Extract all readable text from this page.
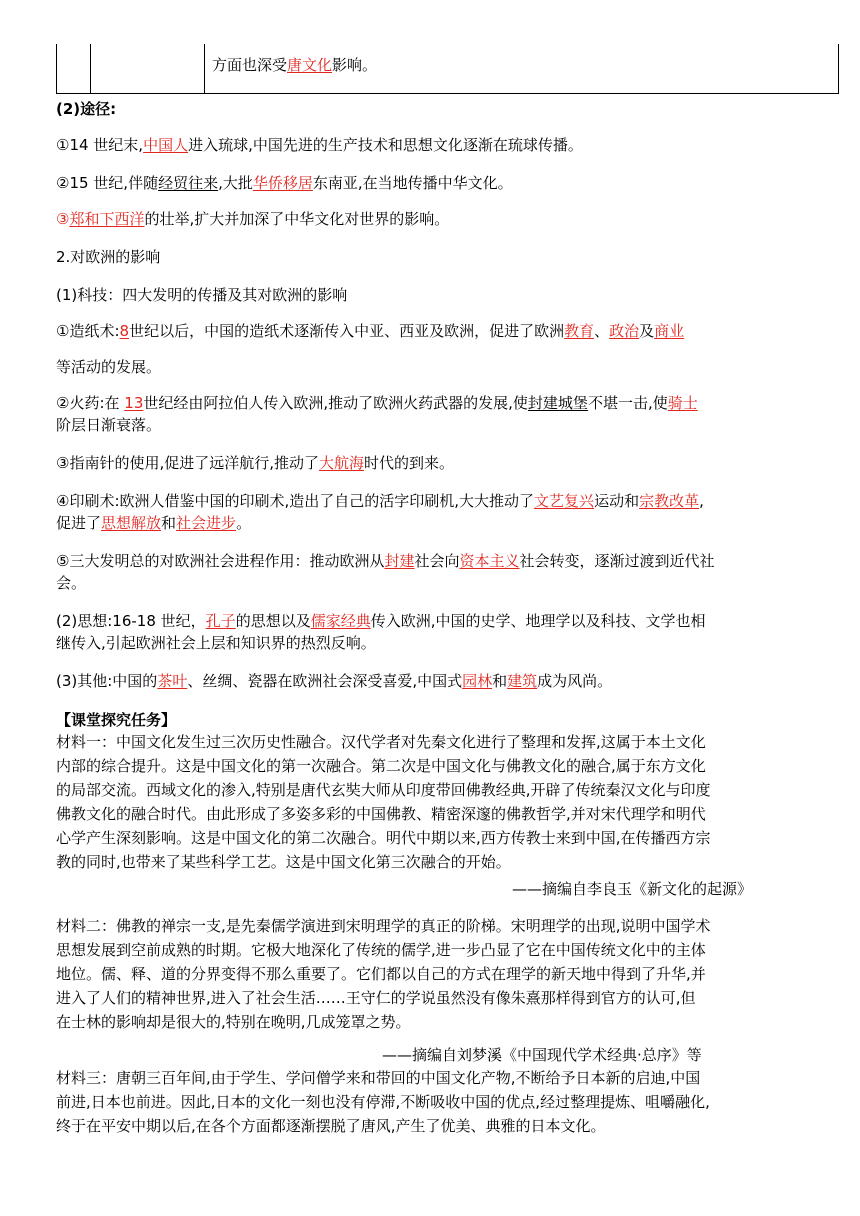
方面也深受唐文化影响。
(2)途径:
①14 世纪末,中国人进入琉球,中国先进的生产技术和思想文化逐渐在琉球传播。
②15 世纪,伴随经贸往来,大批华侨移居东南亚,在当地传播中华文化。
③郑和下西洋的壮举,扩大并加深了中华文化对世界的影响。
2.对欧洲的影响
(1)科技：四大发明的传播及其对欧洲的影响
①造纸术:8世纪以后，中国的造纸术逐渐传入中亚、西亚及欧洲，促进了欧洲教育、政治及商业
等活动的发展。
②火药:在 13世纪经由阿拉伯人传入欧洲,推动了欧洲火药武器的发展,使封建城堡不堪一击,使骑士
阶层日渐衰落。
③指南针的使用,促进了远洋航行,推动了大航海时代的到来。
④印刷术:欧洲人借鉴中国的印刷术,造出了自己的活字印刷机,大大推动了文艺复兴运动和宗教改革,
促进了思想解放和社会进步。
⑤三大发明总的对欧洲社会进程作用：推动欧洲从封建社会向资本主义社会转变，逐渐过渡到近代社
会。
(2)思想:16-18 世纪，孔子的思想以及儒家经典传入欧洲,中国的史学、地理学以及科技、文学也相
继传入,引起欧洲社会上层和知识界的热烈反响。
(3)其他:中国的茶叶、丝绸、瓷器在欧洲社会深受喜爱,中国式园林和建筑成为风尚。
【课堂探究任务】
材料一：中国文化发生过三次历史性融合。汉代学者对先秦文化进行了整理和发挥,这属于本土文化
内部的综合提升。这是中国文化的第一次融合。第二次是中国文化与佛教文化的融合,属于东方文化
的局部交流。西域文化的渗入,特别是唐代玄奘大师从印度带回佛教经典,开辟了传统秦汉文化与印度
佛教文化的融合时代。由此形成了多姿多彩的中国佛教、精密深邃的佛教哲学,并对宋代理学和明代
心学产生深刻影响。这是中国文化的第二次融合。明代中期以来,西方传教士来到中国,在传播西方宗
教的同时,也带来了某些科学工艺。这是中国文化第三次融合的开始。
——摘编自李良玉《新文化的起源》
材料二：佛教的禅宗一支,是先秦儒学演进到宋明理学的真正的阶梯。宋明理学的出现,说明中国学术
思想发展到空前成熟的时期。它极大地深化了传统的儒学,进一步凸显了它在中国传统文化中的主体
地位。儒、释、道的分界变得不那么重要了。它们都以自己的方式在理学的新天地中得到了升华,并
进入了人们的精神世界,进入了社会生活……王守仁的学说虽然没有像朱熹那样得到官方的认可,但
在士林的影响却是很大的,特别在晚明,几成笼罩之势。
——摘编自刘梦溪《中国现代学术经典·总序》等
材料三：唐朝三百年间,由于学生、学问僧学来和带回的中国文化产物,不断给予日本新的启迪,中国
前进,日本也前进。因此,日本的文化一刻也没有停滞,不断吸收中国的优点,经过整理提炼、咀嚼融化,
终于在平安中期以后,在各个方面都逐渐摆脱了唐风,产生了优美、典雅的日本文化。
